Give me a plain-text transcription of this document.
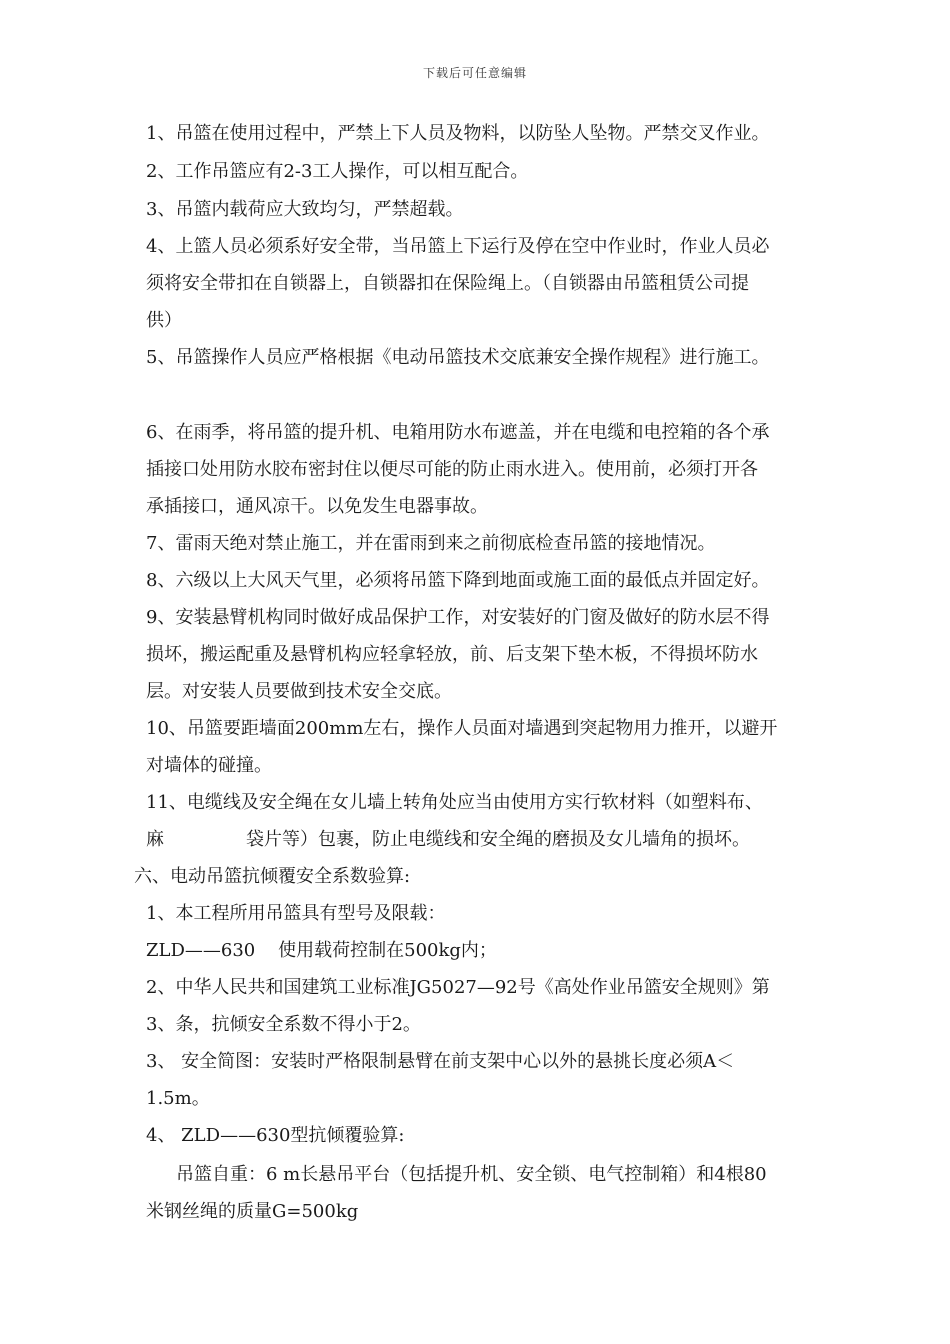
下载后可任意编辑
1、吊篮在使用过程中，严禁上下人员及物料，以防坠人坠物。严禁交叉作业。
2、工作吊篮应有2-3工人操作，可以相互配合。
3、吊篮内载荷应大致均匀，严禁超载。
4、上篮人员必须系好安全带，当吊篮上下运行及停在空中作业时，作业人员必
须将安全带扣在自锁器上，自锁器扣在保险绳上。（自锁器由吊篮租赁公司提
供）
5、吊篮操作人员应严格根据《电动吊篮技术交底兼安全操作规程》进行施工。
6、在雨季，将吊篮的提升机、电箱用防水布遮盖，并在电缆和电控箱的各个承
插接口处用防水胶布密封住以便尽可能的防止雨水进入。使用前，必须打开各
承插接口，通风凉干。以免发生电器事故。
7、雷雨天绝对禁止施工，并在雷雨到来之前彻底检查吊篮的接地情况。
8、六级以上大风天气里，必须将吊篮下降到地面或施工面的最低点并固定好。
9、安装悬臂机构同时做好成品保护工作，对安装好的门窗及做好的防水层不得
损坏，搬运配重及悬臂机构应轻拿轻放，前、后支架下垫木板，不得损坏防水
层。对安装人员要做到技术安全交底。
10、吊篮要距墙面200mm左右，操作人员面对墙遇到突起物用力推开，以避开
对墙体的碰撞。
11、电缆线及安全绳在女儿墙上转角处应当由使用方实行软材料（如塑料布、
麻	袋片等）包裹，防止电缆线和安全绳的磨损及女儿墙角的损坏。
六、电动吊篮抗倾覆安全系数验算:
1、本工程所用吊篮具有型号及限载：
ZLD——630    使用载荷控制在500kg内；
2、中华人民共和国建筑工业标准JG5027—92号《高处作业吊篮安全规则》第
3、条，抗倾安全系数不得小于2。
3、 安全简图：安装时严格限制悬臂在前支架中心以外的悬挑长度必须A＜
1.5m。
4、 ZLD——630型抗倾覆验算:
吊篮自重：6 m长悬吊平台（包括提升机、安全锁、电气控制箱）和4根80
米钢丝绳的质量G=500kg
